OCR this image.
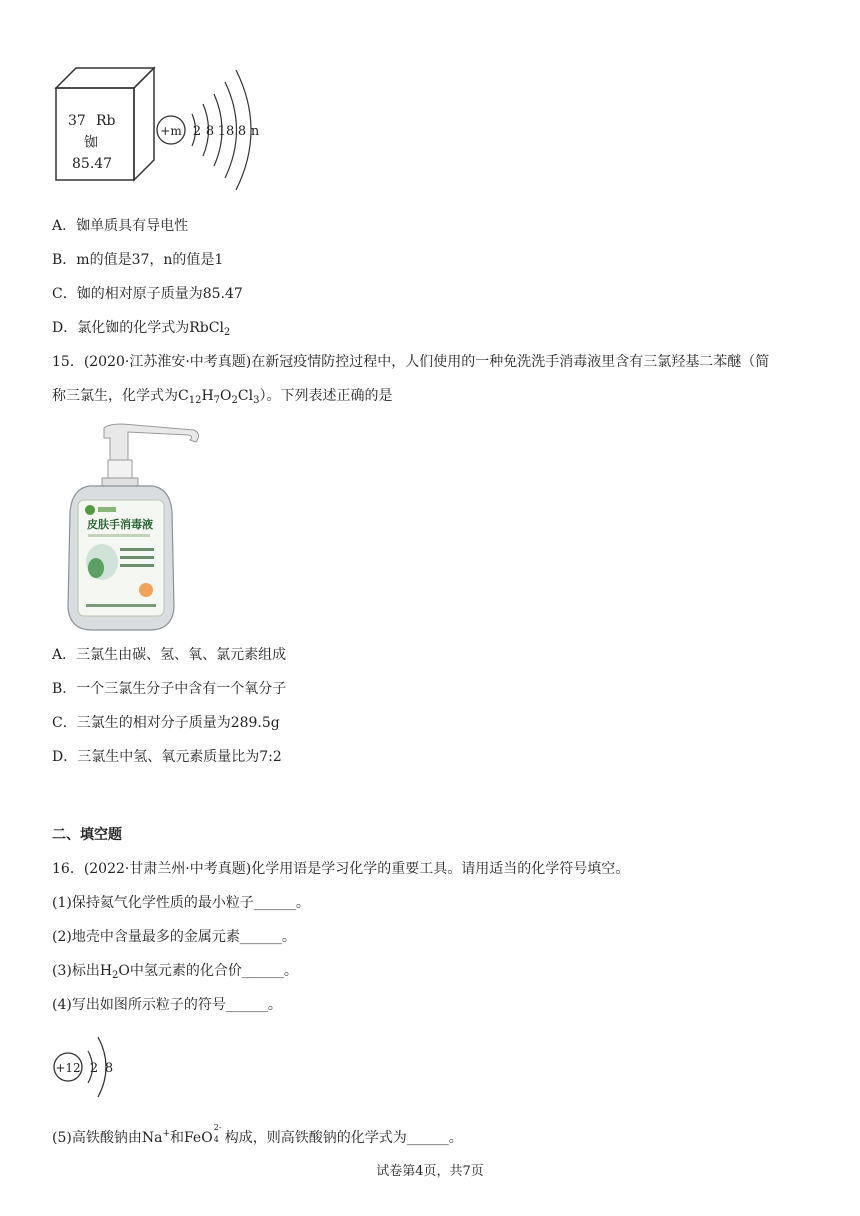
37 Rb
铷
85.47
+m 2 8 18 8 n
A．铷单质具有导电性
B．m的值是37，n的值是1
C．铷的相对原子质量为85.47
D．氯化铷的化学式为RbCl$_2$
15．(2020·江苏淮安·中考真题)在新冠疫情防控过程中，人们使用的一种免洗洗手消毒液里含有三氯羟基二苯醚（简
称三氯生，化学式为$C_{12}H_7O_2Cl_3$）。下列表述正确的是
皮肤手消毒液
A．三氯生由碳、氢、氧、氯元素组成
B．一个三氯生分子中含有一个氧分子
C．三氯生的相对分子质量为289.5g
D．三氯生中氢、氧元素质量比为7:2
二、填空题
16．(2022·甘肃兰州·中考真题)化学用语是学习化学的重要工具。请用适当的化学符号填空。
(1)保持氦气化学性质的最小粒子______。
(2)地壳中含量最多的金属元素______。
(3)标出$H_2O$中氢元素的化合价______。
(4)写出如图所示粒子的符号______。
+12 2 8
(5)高铁酸钠由Na+和FeO
2-
4 构成，则高铁酸钠的化学式为______。
试卷第4页，共7页
